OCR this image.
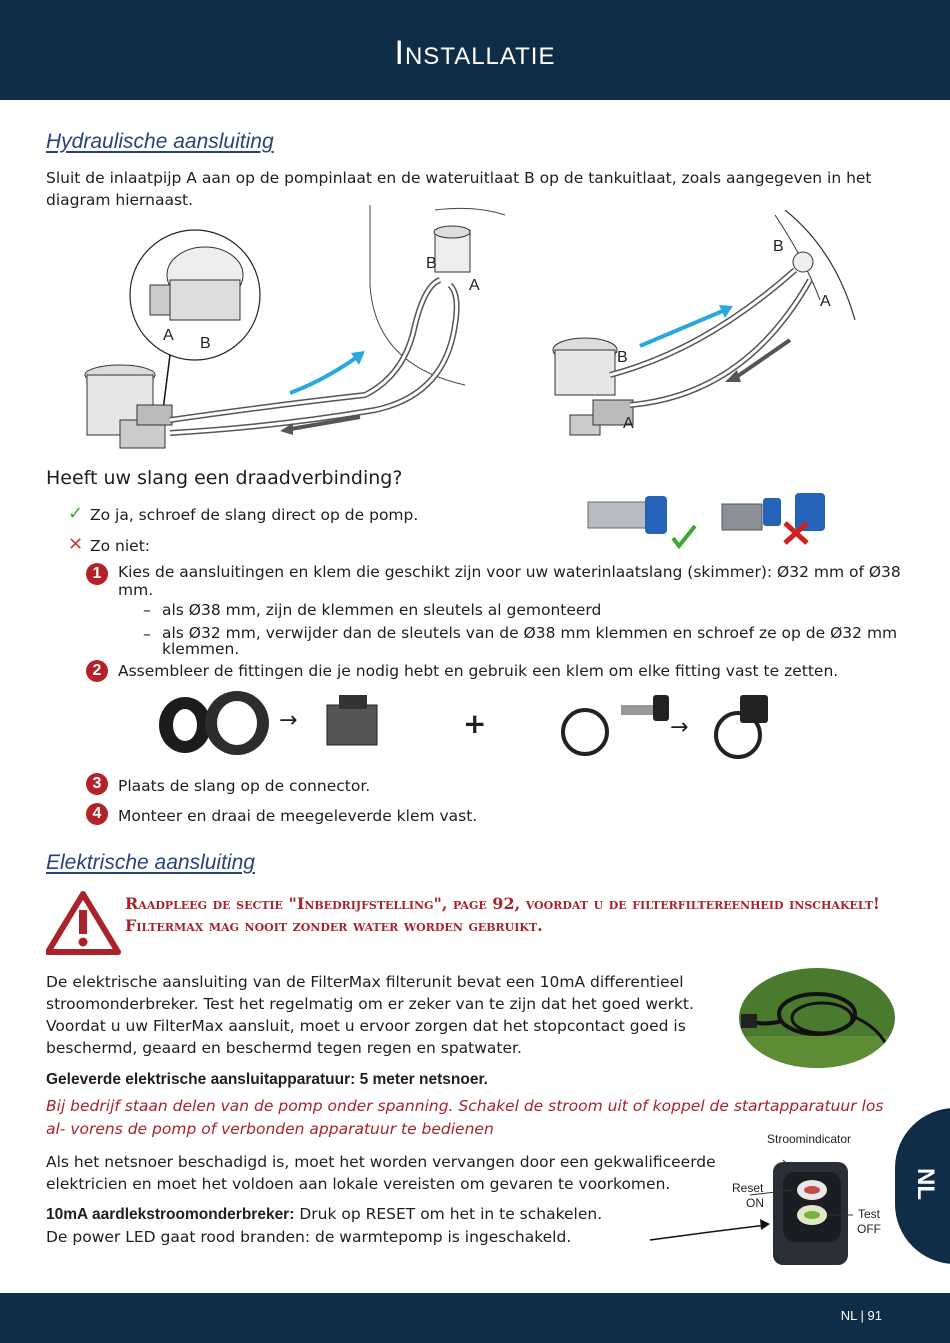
Installatie
Hydraulische aansluiting
Sluit de inlaatpijp A aan op de pompinlaat en de wateruitlaat B op de tankuitlaat, zoals aangegeven in het diagram hiernaast.
A B
B
A
B
A
B
A
Heeft uw slang een draadverbinding?
✓ Zo ja, schroef de slang direct op de pomp.
✕ Zo niet:
1	Kies de aansluitingen en klem die geschikt zijn voor uw waterinlaatslang (skimmer): Ø32 mm of Ø38 mm.
– als Ø38 mm, zijn de klemmen en sleutels al gemonteerd
– als Ø32 mm, verwijder dan de sleutels van de Ø38 mm klemmen en schroef ze op de Ø32 mm klemmen.
2	Assembleer de fittingen die je nodig hebt en gebruik een klem om elke fitting vast te zetten.
→	+	→
3	Plaats de slang op de connector.
4	Monteer en draai de meegeleverde klem vast.
Elektrische aansluiting
Raadpleeg de sectie "Inbedrijfstelling", page 92, voordat u de filterfiltereenheid inschakelt! Filtermax mag nooit zonder water worden gebruikt.
De elektrische aansluiting van de FilterMax filterunit bevat een 10mA differentieel stroomonderbreker. Test het regelmatig om er zeker van te zijn dat het goed werkt. Voordat u uw FilterMax aansluit, moet u ervoor zorgen dat het stopcontact goed is beschermd, geaard en beschermd tegen regen en spatwater.
Geleverde elektrische aansluitapparatuur: 5 meter netsnoer.
Bij bedrijf staan delen van de pomp onder spanning. Schakel de stroom uit of koppel de startapparatuur los al- vorens de pomp of verbonden apparatuur te bedienen
Als het netsnoer beschadigd is, moet het worden vervangen door een gekwalificeerde elektricien en moet het voldoen aan lokale vereisten om gevaren te voorkomen.
10mA aardlekstroomonderbreker: Druk op RESET om het in te schakelen.
De power LED gaat rood branden: de warmtepomp is ingeschakeld.
Stroomindicator
Reset
ON
Test
OFF
NL
NL | 91
